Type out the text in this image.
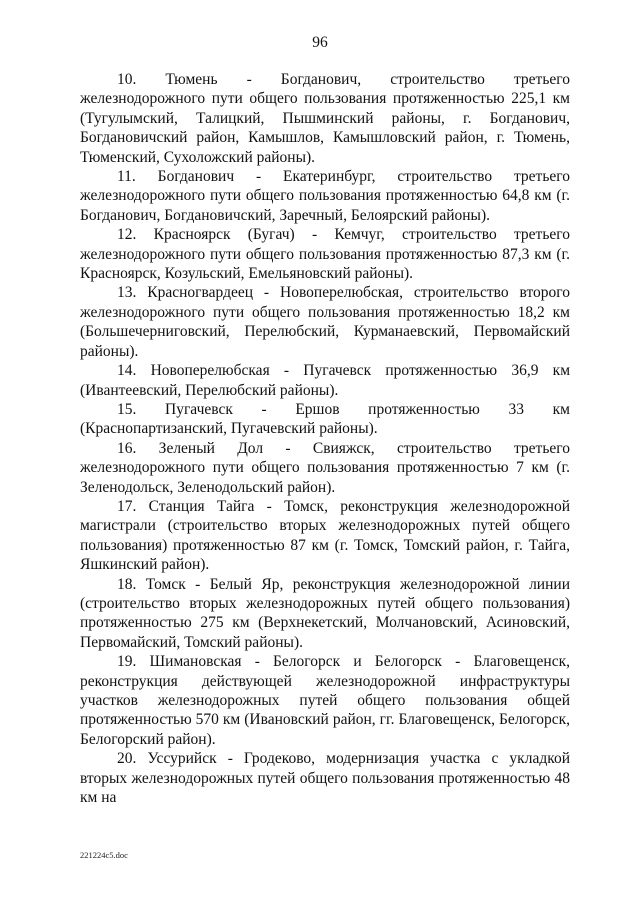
96

10. Тюмень - Богданович, строительство третьего железнодорожного пути общего пользования протяженностью 225,1 км (Тугулымский, Талицкий, Пышминский районы, г. Богданович, Богдановичский район, Камышлов, Камышловский район, г. Тюмень, Тюменский, Сухоложский районы).

11. Богданович - Екатеринбург, строительство третьего железнодорожного пути общего пользования протяженностью 64,8 км (г. Богданович, Богдановичский, Заречный, Белоярский районы).

12. Красноярск (Бугач) - Кемчуг, строительство третьего железнодорожного пути общего пользования протяженностью 87,3 км (г. Красноярск, Козульский, Емельяновский районы).

13. Красногвардеец - Новоперелюбская, строительство второго железнодорожного пути общего пользования протяженностью 18,2 км (Большечерниговский, Перелюбский, Курманаевский, Первомайский районы).

14. Новоперелюбская - Пугачевск протяженностью 36,9 км (Ивантеевский, Перелюбский районы).

15. Пугачевск - Ершов протяженностью 33 км (Краснопартизанский, Пугачевский районы).

16. Зеленый Дол - Свияжск, строительство третьего железнодорожного пути общего пользования протяженностью 7 км (г. Зеленодольск, Зеленодольский район).

17. Станция Тайга - Томск, реконструкция железнодорожной магистрали (строительство вторых железнодорожных путей общего пользования) протяженностью 87 км (г. Томск, Томский район, г. Тайга, Яшкинский район).

18. Томск - Белый Яр, реконструкция железнодорожной линии (строительство вторых железнодорожных путей общего пользования) протяженностью 275 км (Верхнекетский, Молчановский, Асиновский, Первомайский, Томский районы).

19. Шимановская - Белогорск и Белогорск - Благовещенск, реконструкция действующей железнодорожной инфраструктуры участков железнодорожных путей общего пользования общей протяженностью 570 км (Ивановский район, гг. Благовещенск, Белогорск, Белогорский район).

20. Уссурийск - Гродеково, модернизация участка с укладкой вторых железнодорожных путей общего пользования протяженностью 48 км на

221224c5.doc
